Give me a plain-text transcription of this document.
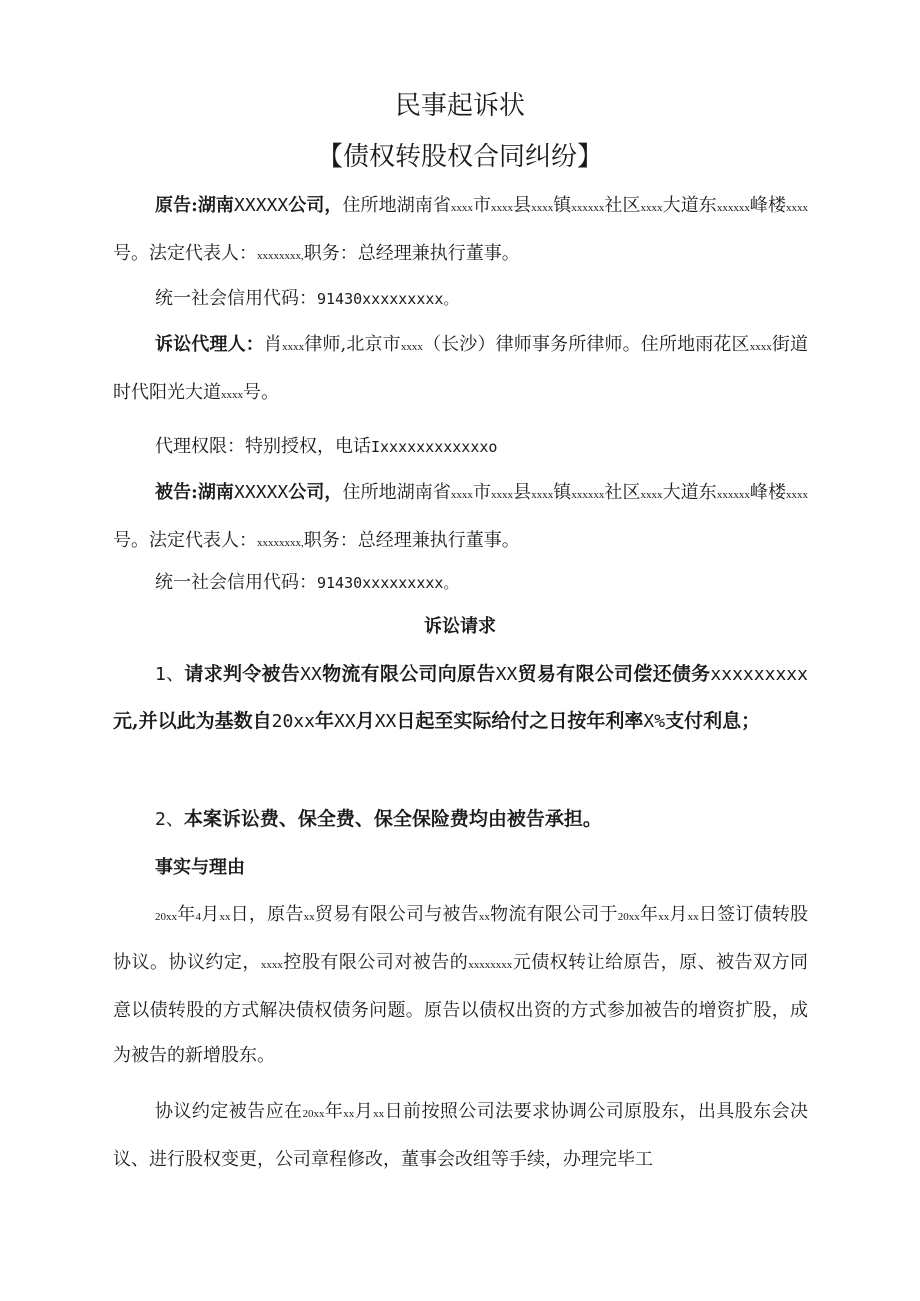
民事起诉状
【债权转股权合同纠纷】

原告:湖南XXXXX公司，住所地湖南省xxxx市xxxx县xxxx镇xxxxxx社区xxxx大道东xxxxxx峰楼xxxx号。法定代表人：xxxxxxxx,职务：总经理兼执行董事。

统一社会信用代码：91430xxxxxxxxx。

诉讼代理人：肖xxxx律师,北京市xxxx（长沙）律师事务所律师。住所地雨花区xxxx街道时代阳光大道xxxx号。

代理权限：特别授权，电话Ixxxxxxxxxxxxo

被告:湖南XXXXX公司，住所地湖南省xxxx市xxxx县xxxx镇xxxxxx社区xxxx大道东xxxxxx峰楼xxxx号。法定代表人：xxxxxxxx,职务：总经理兼执行董事。

统一社会信用代码：91430xxxxxxxxx。

诉讼请求

1、请求判令被告XX物流有限公司向原告XX贸易有限公司偿还债务xxxxxxxxx元,并以此为基数自20xx年XX月XX日起至实际给付之日按年利率X%支付利息；

2、本案诉讼费、保全费、保全保险费均由被告承担。

事实与理由

20xx年4月xx日，原告xx贸易有限公司与被告xx物流有限公司于20xx年xx月xx日签订债转股协议。协议约定，xxxx控股有限公司对被告的xxxxxxxx元债权转让给原告，原、被告双方同意以债转股的方式解决债权债务问题。原告以债权出资的方式参加被告的增资扩股，成为被告的新增股东。

协议约定被告应在20xx年xx月xx日前按照公司法要求协调公司原股东，出具股东会决议、进行股权变更，公司章程修改，董事会改组等手续，办理完毕工
